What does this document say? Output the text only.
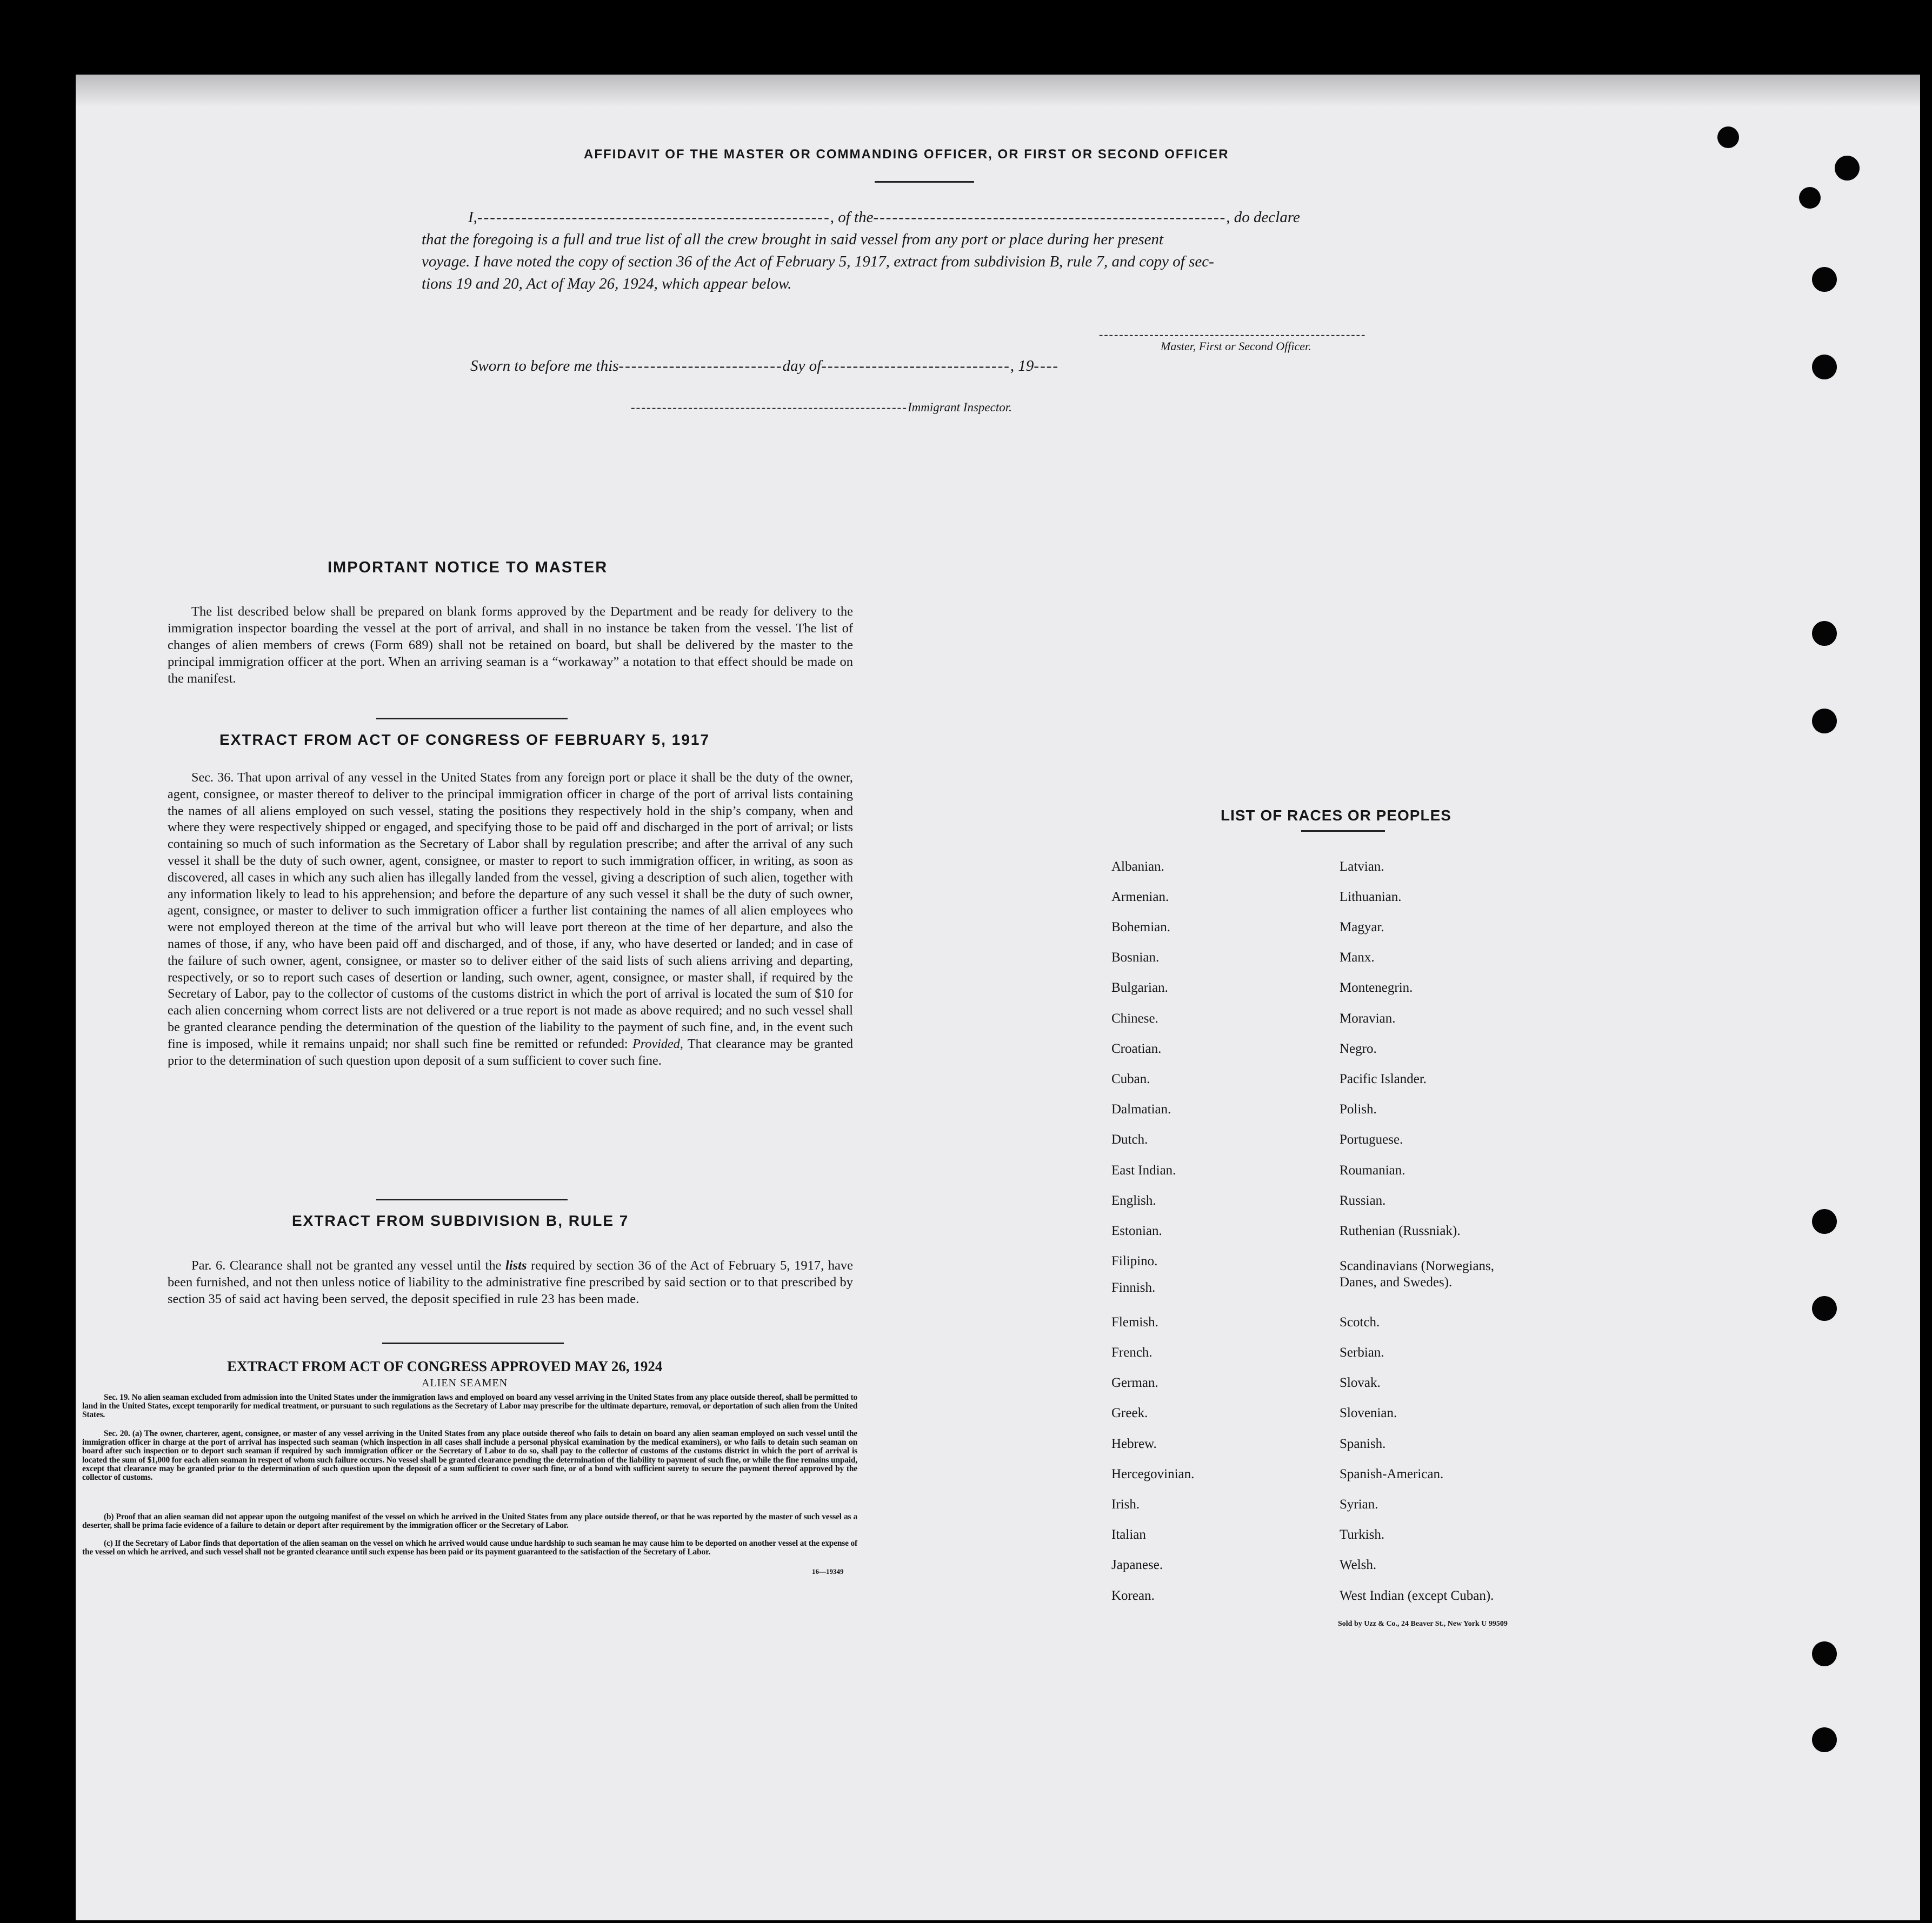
AFFIDAVIT OF THE MASTER OR COMMANDING OFFICER, OR FIRST OR SECOND OFFICER
I,--------------------------------------------------------, of the--------------------------------------------------------, do declare
that the foregoing is a full and true list of all the crew brought in said vessel from any port or place during her present
voyage. I have noted the copy of section 36 of the Act of February 5, 1917, extract from subdivision B, rule 7, and copy of sec-
tions 19 and 20, Act of May 26, 1924, which appear below.
-----------------------------------------------------
Master, First or Second Officer.
Sworn to before me this--------------------------day of------------------------------, 19----
-----------------------------------------------------Immigrant Inspector.
IMPORTANT NOTICE TO MASTER
The list described below shall be prepared on blank forms approved by the Department and be ready for delivery to the immigration inspector boarding the vessel at the port of arrival, and shall in no instance be taken from the vessel. The list of changes of alien members of crews (Form 689) shall not be retained on board, but shall be delivered by the master to the principal immigration officer at the port. When an arriving seaman is a “workaway” a notation to that effect should be made on the manifest.
EXTRACT FROM ACT OF CONGRESS OF FEBRUARY 5, 1917
Sec. 36. That upon arrival of any vessel in the United States from any foreign port or place it shall be the duty of the owner, agent, consignee, or master thereof to deliver to the principal immigration officer in charge of the port of arrival lists containing the names of all aliens employed on such vessel, stating the positions they respectively hold in the ship’s company, when and where they were respectively shipped or engaged, and specifying those to be paid off and discharged in the port of arrival; or lists containing so much of such information as the Secretary of Labor shall by regulation prescribe; and after the arrival of any such vessel it shall be the duty of such owner, agent, consignee, or master to report to such immigration officer, in writing, as soon as discovered, all cases in which any such alien has illegally landed from the vessel, giving a description of such alien, together with any information likely to lead to his apprehension; and before the departure of any such vessel it shall be the duty of such owner, agent, consignee, or master to deliver to such immigration officer a further list containing the names of all alien employees who were not employed thereon at the time of the arrival but who will leave port thereon at the time of her departure, and also the names of those, if any, who have been paid off and discharged, and of those, if any, who have deserted or landed; and in case of the failure of such owner, agent, consignee, or master so to deliver either of the said lists of such aliens arriving and departing, respectively, or so to report such cases of desertion or landing, such owner, agent, consignee, or master shall, if required by the Secretary of Labor, pay to the collector of customs of the customs district in which the port of arrival is located the sum of $10 for each alien concerning whom correct lists are not delivered or a true report is not made as above required; and no such vessel shall be granted clearance pending the determination of the question of the liability to the payment of such fine, and, in the event such fine is imposed, while it remains unpaid; nor shall such fine be remitted or refunded: Provided, That clearance may be granted prior to the determination of such question upon deposit of a sum sufficient to cover such fine.
EXTRACT FROM SUBDIVISION B, RULE 7
Par. 6. Clearance shall not be granted any vessel until the lists required by section 36 of the Act of February 5, 1917, have been furnished, and not then unless notice of liability to the administrative fine prescribed by said section or to that prescribed by section 35 of said act having been served, the deposit specified in rule 23 has been made.
EXTRACT FROM ACT OF CONGRESS APPROVED MAY 26, 1924
ALIEN SEAMEN
Sec. 19. No alien seaman excluded from admission into the United States under the immigration laws and employed on board any vessel arriving in the United States from any place outside thereof, shall be permitted to land in the United States, except temporarily for medical treatment, or pursuant to such regulations as the Secretary of Labor may prescribe for the ultimate departure, removal, or deportation of such alien from the United States.
Sec. 20. (a) The owner, charterer, agent, consignee, or master of any vessel arriving in the United States from any place outside thereof who fails to detain on board any alien seaman employed on such vessel until the immigration officer in charge at the port of arrival has inspected such seaman (which inspection in all cases shall include a personal physical examination by the medical examiners), or who fails to detain such seaman on board after such inspection or to deport such seaman if required by such immigration officer or the Secretary of Labor to do so, shall pay to the collector of customs of the customs district in which the port of arrival is located the sum of $1,000 for each alien seaman in respect of whom such failure occurs. No vessel shall be granted clearance pending the determination of the liability to payment of such fine, or while the fine remains unpaid, except that clearance may be granted prior to the determination of such question upon the deposit of a sum sufficient to cover such fine, or of a bond with sufficient surety to secure the payment thereof approved by the collector of customs.
(b) Proof that an alien seaman did not appear upon the outgoing manifest of the vessel on which he arrived in the United States from any place outside thereof, or that he was reported by the master of such vessel as a deserter, shall be prima facie evidence of a failure to detain or deport after requirement by the immigration officer or the Secretary of Labor.
(c) If the Secretary of Labor finds that deportation of the alien seaman on the vessel on which he arrived would cause undue hardship to such seaman he may cause him to be deported on another vessel at the expense of the vessel on which he arrived, and such vessel shall not be granted clearance until such expense has been paid or its payment guaranteed to the satisfaction of the Secretary of Labor.
16—19349
LIST OF RACES OR PEOPLES
Sold by Uzz & Co., 24 Beaver St., New York U 99509
Albanian.
Armenian.
Bohemian.
Bosnian.
Bulgarian.
Chinese.
Croatian.
Cuban.
Dalmatian.
Dutch.
East Indian.
English.
Estonian.
Filipino.
Finnish.
Flemish.
French.
German.
Greek.
Hebrew.
Hercegovinian.
Irish.
Italian
Japanese.
Korean.
Latvian.
Lithuanian.
Magyar.
Manx.
Montenegrin.
Moravian.
Negro.
Pacific Islander.
Polish.
Portuguese.
Roumanian.
Russian.
Ruthenian (Russniak).
Scandinavians (Norwegians, Danes, and Swedes).
Scotch.
Serbian.
Slovak.
Slovenian.
Spanish.
Spanish-American.
Syrian.
Turkish.
Welsh.
West Indian (except Cuban).
